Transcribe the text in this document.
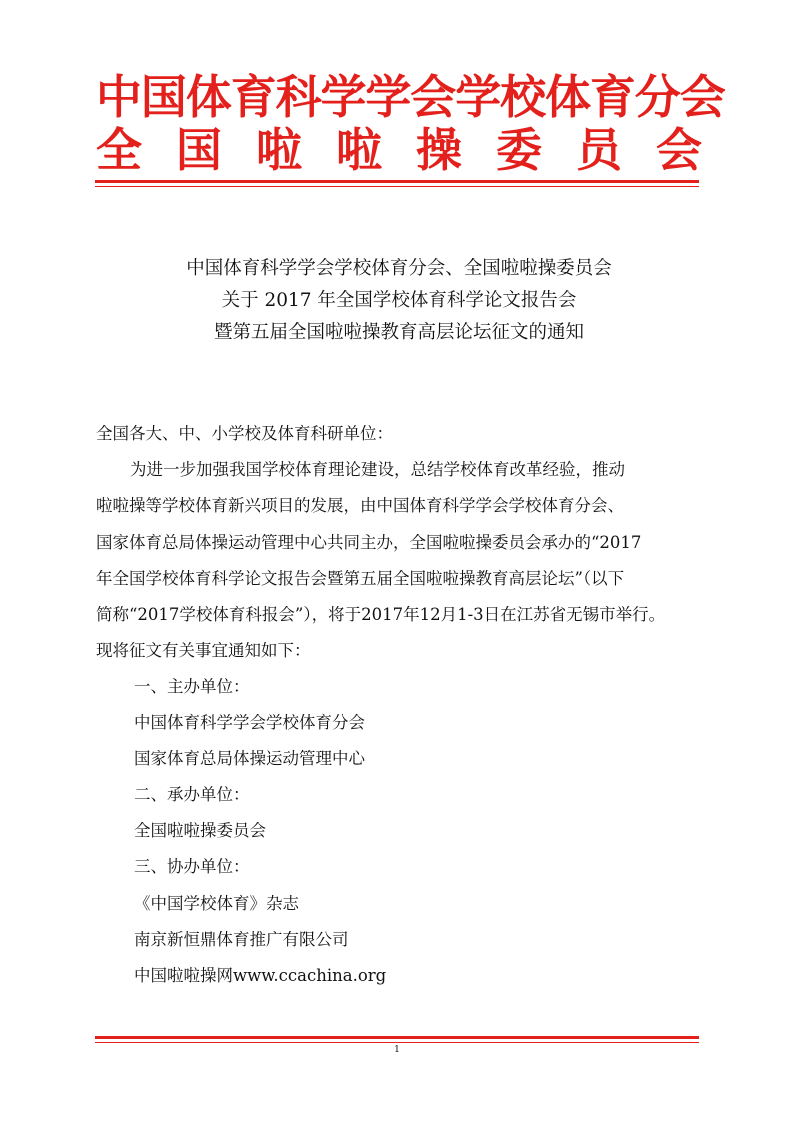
中国体育科学学会学校体育分会
全 国 啦 啦 操 委 员 会
中国体育科学学会学校体育分会、全国啦啦操委员会
关于 2017 年全国学校体育科学论文报告会
暨第五届全国啦啦操教育高层论坛征文的通知
全国各大、中、小学校及体育科研单位：
为进一步加强我国学校体育理论建设，总结学校体育改革经验，推动
啦啦操等学校体育新兴项目的发展，由中国体育科学学会学校体育分会、
国家体育总局体操运动管理中心共同主办，全国啦啦操委员会承办的“2017
年全国学校体育科学论文报告会暨第五届全国啦啦操教育高层论坛”（以下
简称“2017学校体育科报会”），将于2017年12月1-3日在江苏省无锡市举行。
现将征文有关事宜通知如下：
一、主办单位：
中国体育科学学会学校体育分会
国家体育总局体操运动管理中心
二、承办单位：
全国啦啦操委员会
三、协办单位：
《中国学校体育》杂志
南京新恒鼎体育推广有限公司
中国啦啦操网www.ccachina.org
1
